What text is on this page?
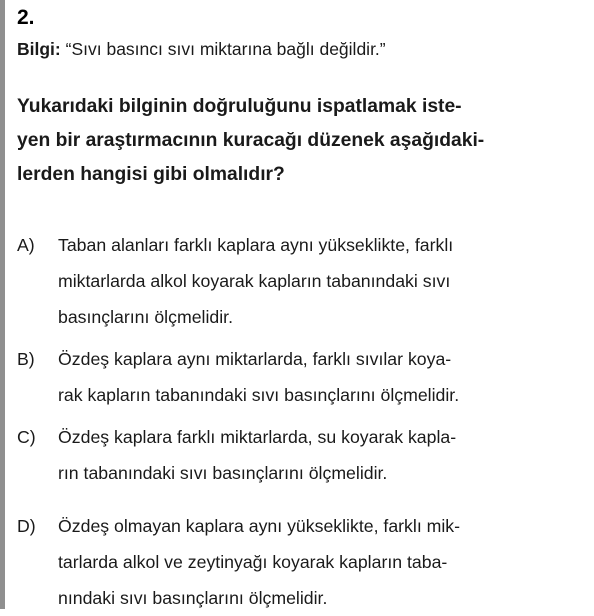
2.
Bilgi: “Sıvı basıncı sıvı miktarına bağlı değildir.”
Yukarıdaki bilginin doğruluğunu ispatlamak iste-
yen bir araştırmacının kuracağı düzenek aşağıdaki-
lerden hangisi gibi olmalıdır?
A) Taban alanları farklı kaplara aynı yükseklikte, farklı
miktarlarda alkol koyarak kapların tabanındaki sıvı
basınçlarını ölçmelidir.
B) Özdeş kaplara aynı miktarlarda, farklı sıvılar koya-
rak kapların tabanındaki sıvı basınçlarını ölçmelidir.
C) Özdeş kaplara farklı miktarlarda, su koyarak kapla-
rın tabanındaki sıvı basınçlarını ölçmelidir.
D) Özdeş olmayan kaplara aynı yükseklikte, farklı mik-
tarlarda alkol ve zeytinyağı koyarak kapların taba-
nındaki sıvı basınçlarını ölçmelidir.
